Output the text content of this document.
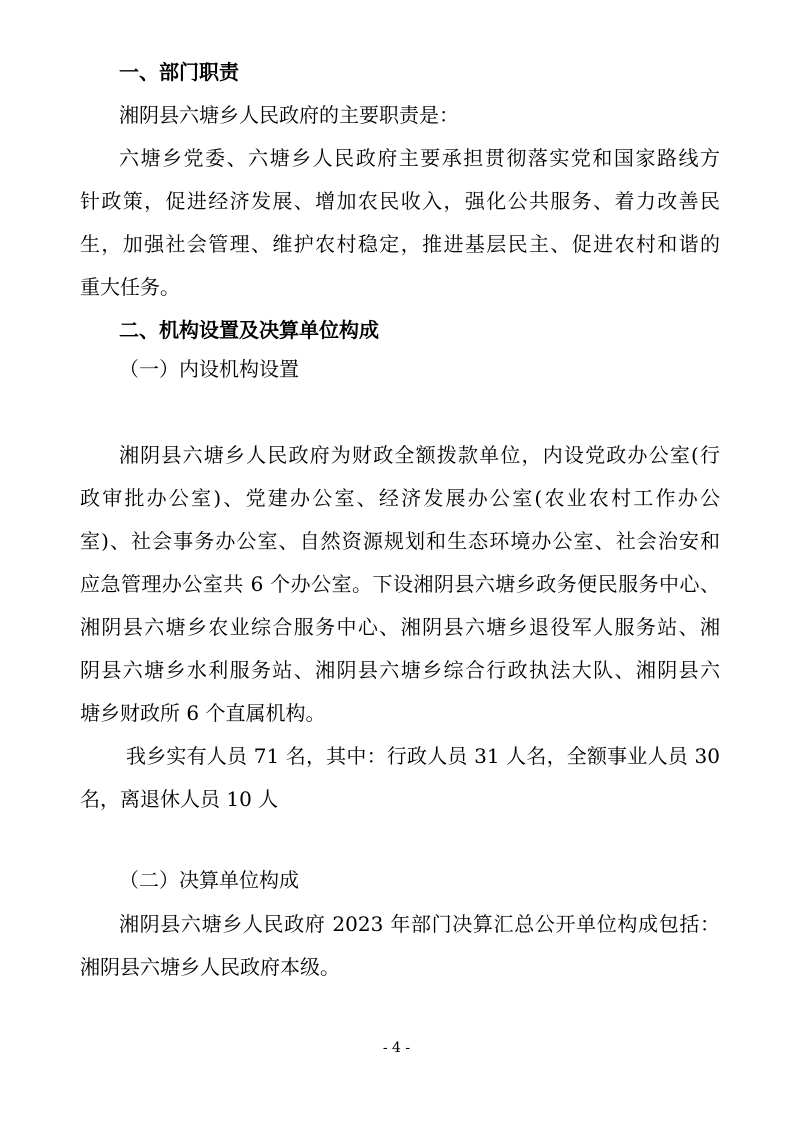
一、部门职责
湘阴县六塘乡人民政府的主要职责是：
六塘乡党委、六塘乡人民政府主要承担贯彻落实党和国家路线方
针政策，促进经济发展、增加农民收入，强化公共服务、着力改善民
生，加强社会管理、维护农村稳定，推进基层民主、促进农村和谐的
重大任务。
二、机构设置及决算单位构成
（一）内设机构设置
湘阴县六塘乡人民政府为财政全额拨款单位，内设党政办公室(行
政审批办公室)、党建办公室、经济发展办公室(农业农村工作办公
室)、社会事务办公室、自然资源规划和生态环境办公室、社会治安和
应急管理办公室共 6 个办公室。下设湘阴县六塘乡政务便民服务中心、
湘阴县六塘乡农业综合服务中心、湘阴县六塘乡退役军人服务站、湘
阴县六塘乡水利服务站、湘阴县六塘乡综合行政执法大队、湘阴县六
塘乡财政所 6 个直属机构。
我乡实有人员 71 名，其中：行政人员 31 人名，全额事业人员 30
名，离退休人员 10 人
（二）决算单位构成
湘阴县六塘乡人民政府 2023 年部门决算汇总公开单位构成包括：
湘阴县六塘乡人民政府本级。
- 4 -
